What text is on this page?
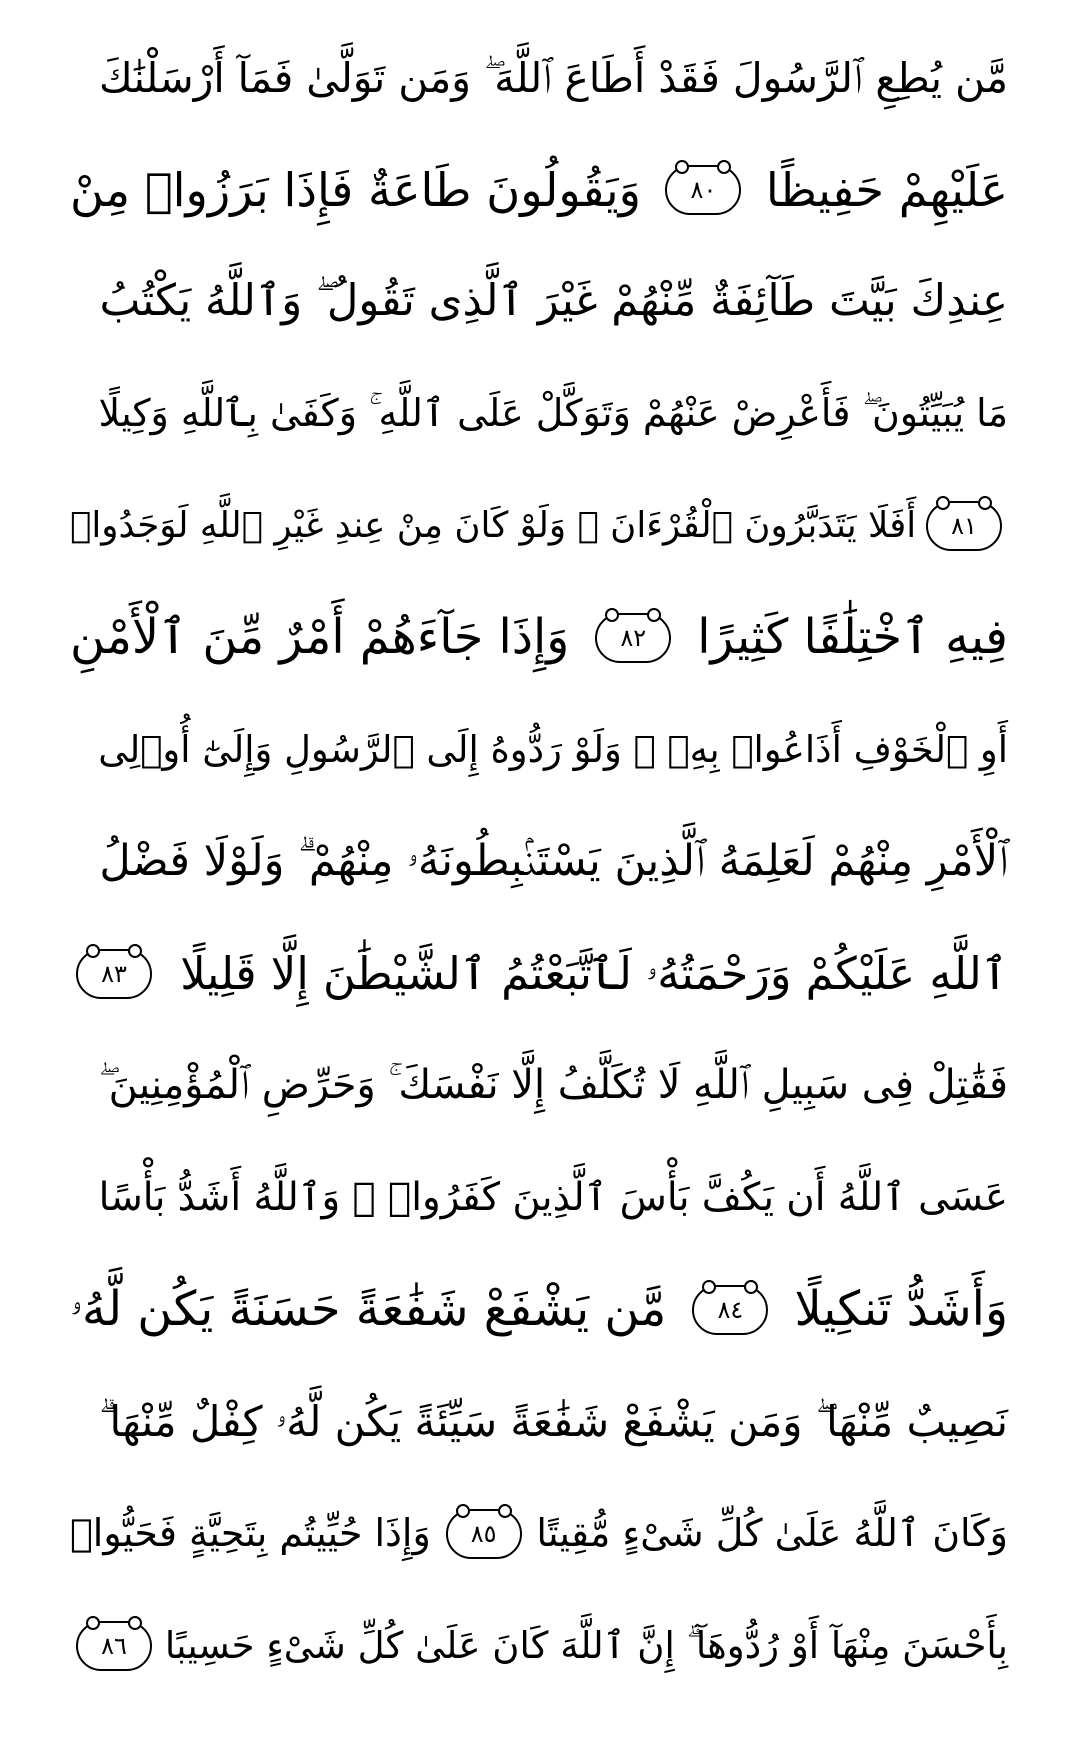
مَّن يُطِعِ ٱلرَّسُولَ فَقَدْ أَطَاعَ ٱللَّهَ ۖ وَمَن تَوَلَّىٰ فَمَآ أَرْسَلْنَٰكَ
عَلَيْهِمْ حَفِيظًا
٨٠
وَيَقُولُونَ طَاعَةٌ فَإِذَا بَرَزُوا۟ مِنْ
عِندِكَ بَيَّتَ طَآئِفَةٌ مِّنْهُمْ غَيْرَ ٱلَّذِى تَقُولُ ۖ وَٱللَّهُ يَكْتُبُ
مَا يُبَيِّتُونَ ۖ فَأَعْرِضْ عَنْهُمْ وَتَوَكَّلْ عَلَى ٱللَّهِ ۚ وَكَفَىٰ بِٱللَّهِ وَكِيلًا
٨١
أَفَلَا يَتَدَبَّرُونَ ٱلْقُرْءَانَ ۚ وَلَوْ كَانَ مِنْ عِندِ غَيْرِ ٱللَّهِ لَوَجَدُوا۟
فِيهِ ٱخْتِلَٰفًا كَثِيرًا
٨٢
وَإِذَا جَآءَهُمْ أَمْرٌ مِّنَ ٱلْأَمْنِ
أَوِ ٱلْخَوْفِ أَذَاعُوا۟ بِهِۦ ۖ وَلَوْ رَدُّوهُ إِلَى ٱلرَّسُولِ وَإِلَىٰٓ أُو۟لِى
ٱلْأَمْرِ مِنْهُمْ لَعَلِمَهُ ٱلَّذِينَ يَسْتَنۢبِطُونَهُۥ مِنْهُمْ ۗ وَلَوْلَا فَضْلُ
ٱللَّهِ عَلَيْكُمْ وَرَحْمَتُهُۥ لَٱتَّبَعْتُمُ ٱلشَّيْطَٰنَ إِلَّا قَلِيلًا
٨٣
فَقَٰتِلْ فِى سَبِيلِ ٱللَّهِ لَا تُكَلَّفُ إِلَّا نَفْسَكَ ۚ وَحَرِّضِ ٱلْمُؤْمِنِينَ ۖ
عَسَى ٱللَّهُ أَن يَكُفَّ بَأْسَ ٱلَّذِينَ كَفَرُوا۟ ۚ وَٱللَّهُ أَشَدُّ بَأْسًا
وَأَشَدُّ تَنكِيلًا
٨٤
مَّن يَشْفَعْ شَفَٰعَةً حَسَنَةً يَكُن لَّهُۥ
نَصِيبٌ مِّنْهَا ۖ وَمَن يَشْفَعْ شَفَٰعَةً سَيِّئَةً يَكُن لَّهُۥ كِفْلٌ مِّنْهَا ۗ
وَكَانَ ٱللَّهُ عَلَىٰ كُلِّ شَىْءٍ مُّقِيتًا
٨٥
وَإِذَا حُيِّيتُم بِتَحِيَّةٍ فَحَيُّوا۟
بِأَحْسَنَ مِنْهَآ أَوْ رُدُّوهَآ ۗ إِنَّ ٱللَّهَ كَانَ عَلَىٰ كُلِّ شَىْءٍ حَسِيبًا
٨٦
